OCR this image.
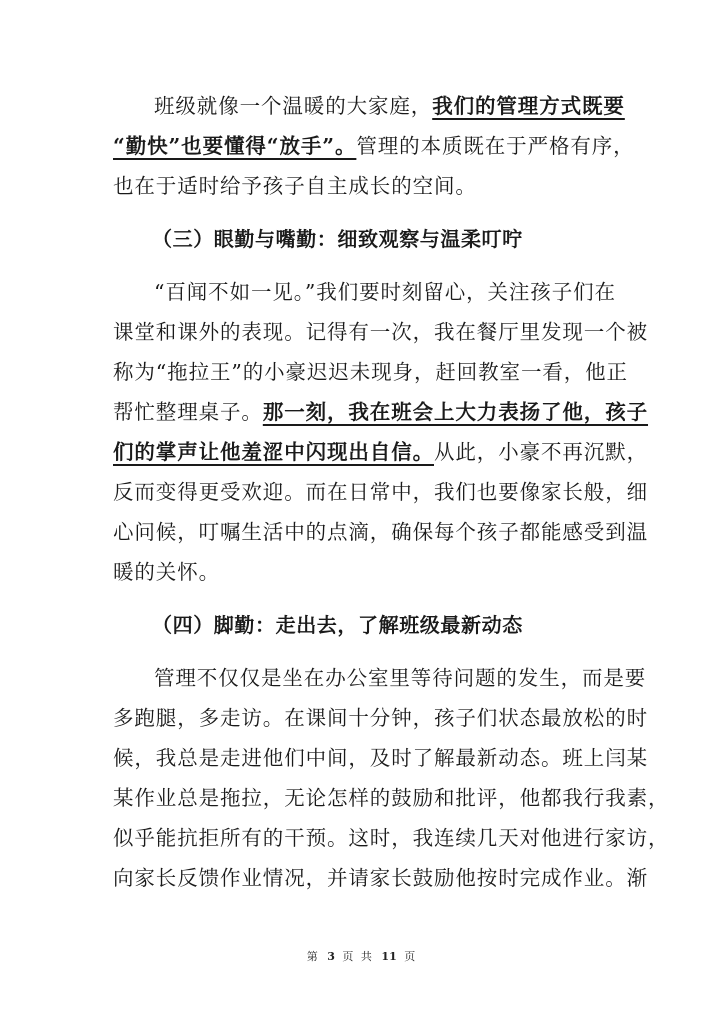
班级就像一个温暖的大家庭，我们的管理方式既要
“勤快”也要懂得“放手”。管理的本质既在于严格有序，
也在于适时给予孩子自主成长的空间。
（三）眼勤与嘴勤：细致观察与温柔叮咛
“百闻不如一见。”我们要时刻留心，关注孩子们在
课堂和课外的表现。记得有一次，我在餐厅里发现一个被
称为“拖拉王”的小豪迟迟未现身，赶回教室一看，他正
帮忙整理桌子。那一刻，我在班会上大力表扬了他，孩子
们的掌声让他羞涩中闪现出自信。从此，小豪不再沉默，
反而变得更受欢迎。而在日常中，我们也要像家长般，细
心问候，叮嘱生活中的点滴，确保每个孩子都能感受到温
暖的关怀。
（四）脚勤：走出去，了解班级最新动态
管理不仅仅是坐在办公室里等待问题的发生，而是要
多跑腿，多走访。在课间十分钟，孩子们状态最放松的时
候，我总是走进他们中间，及时了解最新动态。班上闫某
某作业总是拖拉，无论怎样的鼓励和批评，他都我行我素，
似乎能抗拒所有的干预。这时，我连续几天对他进行家访，
向家长反馈作业情况，并请家长鼓励他按时完成作业。渐
第 3 页 共 11 页
